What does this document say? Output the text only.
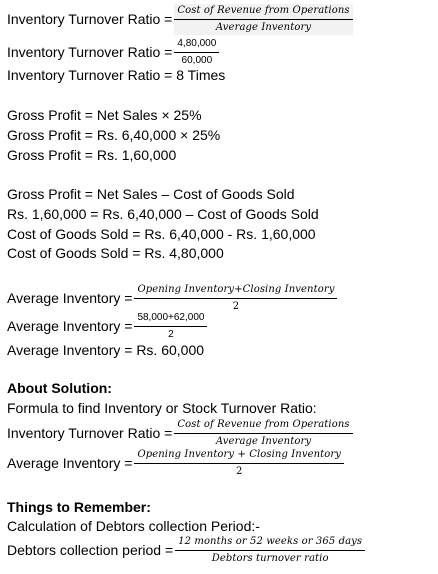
Inventory Turnover Ratio = $\frac{\text{Cost of Revenue from Operations}}{\text{Average Inventory}}$
Inventory Turnover Ratio = $\frac{4,80,000}{60,000}$
Inventory Turnover Ratio = 8 Times
Gross Profit = Net Sales × 25%
Gross Profit = Rs. 6,40,000 × 25%
Gross Profit = Rs. 1,60,000
Gross Profit = Net Sales – Cost of Goods Sold
Rs. 1,60,000 = Rs. 6,40,000 – Cost of Goods Sold
Cost of Goods Sold = Rs. 6,40,000 - Rs. 1,60,000
Cost of Goods Sold = Rs. 4,80,000
Average Inventory = $\frac{\text{Opening Inventory+Closing Inventory}}{2}$
Average Inventory = $\frac{58,000+62,000}{2}$
Average Inventory = Rs. 60,000
About Solution:
Formula to find Inventory or Stock Turnover Ratio:
Inventory Turnover Ratio = $\frac{\text{Cost of Revenue from Operations}}{\text{Average Inventory}}$
Average Inventory = $\frac{\text{Opening Inventory + Closing Inventory}}{2}$
Things to Remember:
Calculation of Debtors collection Period:-
Debtors collection period = $\frac{\text{12 months or 52 weeks or 365 days}}{\text{Debtors turnover ratio}}$
